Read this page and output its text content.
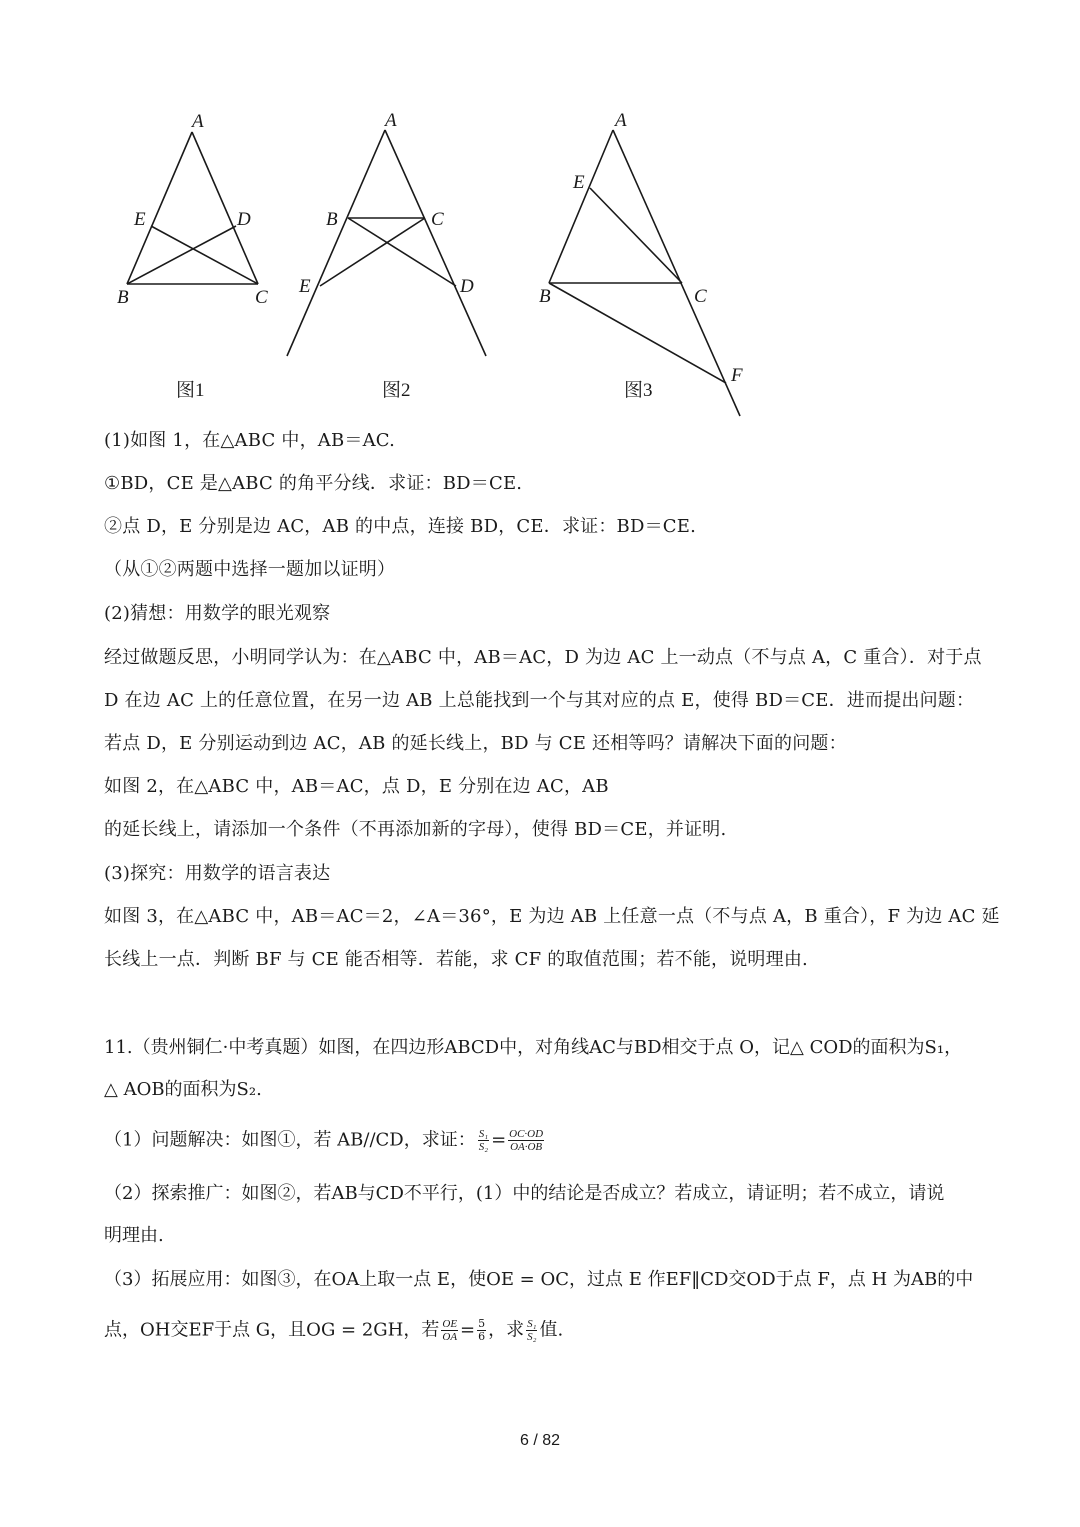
A
E	D
B	C
图1
A
B	C
E	D
图2
A
E
B	C
F
图3
(1)如图 1，在△ABC 中，AB＝AC.
①BD，CE 是△ABC 的角平分线．求证：BD＝CE.
②点 D，E 分别是边 AC，AB 的中点，连接 BD，CE．求证：BD＝CE.
（从①②两题中选择一题加以证明）
(2)猜想：用数学的眼光观察
经过做题反思，小明同学认为：在△ABC 中，AB＝AC，D 为边 AC 上一动点（不与点 A，C 重合）．对于点
D 在边 AC 上的任意位置，在另一边 AB 上总能找到一个与其对应的点 E，使得 BD＝CE．进而提出问题：
若点 D，E 分别运动到边 AC，AB 的延长线上，BD 与 CE 还相等吗？请解决下面的问题：
如图 2，在△ABC 中，AB＝AC，点 D，E 分别在边 AC，AB
的延长线上，请添加一个条件（不再添加新的字母），使得 BD＝CE，并证明.
(3)探究：用数学的语言表达
如图 3，在△ABC 中，AB＝AC＝2，∠A＝36°，E 为边 AB 上任意一点（不与点 A，B 重合），F 为边 AC 延
长线上一点．判断 BF 与 CE 能否相等．若能，求 CF 的取值范围；若不能，说明理由.
11.（贵州铜仁·中考真题）如图，在四边形ABCD中，对角线AC与BD相交于点 O，记△ COD的面积为S₁，
△ AOB的面积为S₂.
（1）问题解决：如图①，若 AB//CD，求证： $\frac{\text{S₁}}{\text{S₂}} = \frac{OC\cdot OD}{OA\cdot OB}$
（2）探索推广：如图②，若AB与CD不平行，(1）中的结论是否成立？若成立，请证明；若不成立，请说
明理由.
（3）拓展应用：如图③，在OA上取一点 E，使OE = OC，过点 E 作EF‖CD交OD于点 F，点 H 为AB的中
点，OH交EF于点 G，且OG = 2GH，若 $\frac{OE}{OA} = \frac{5}{6}$ ，求 $\frac{\text{S₁}}{\text{S₂}}$ 值.
6 / 82
